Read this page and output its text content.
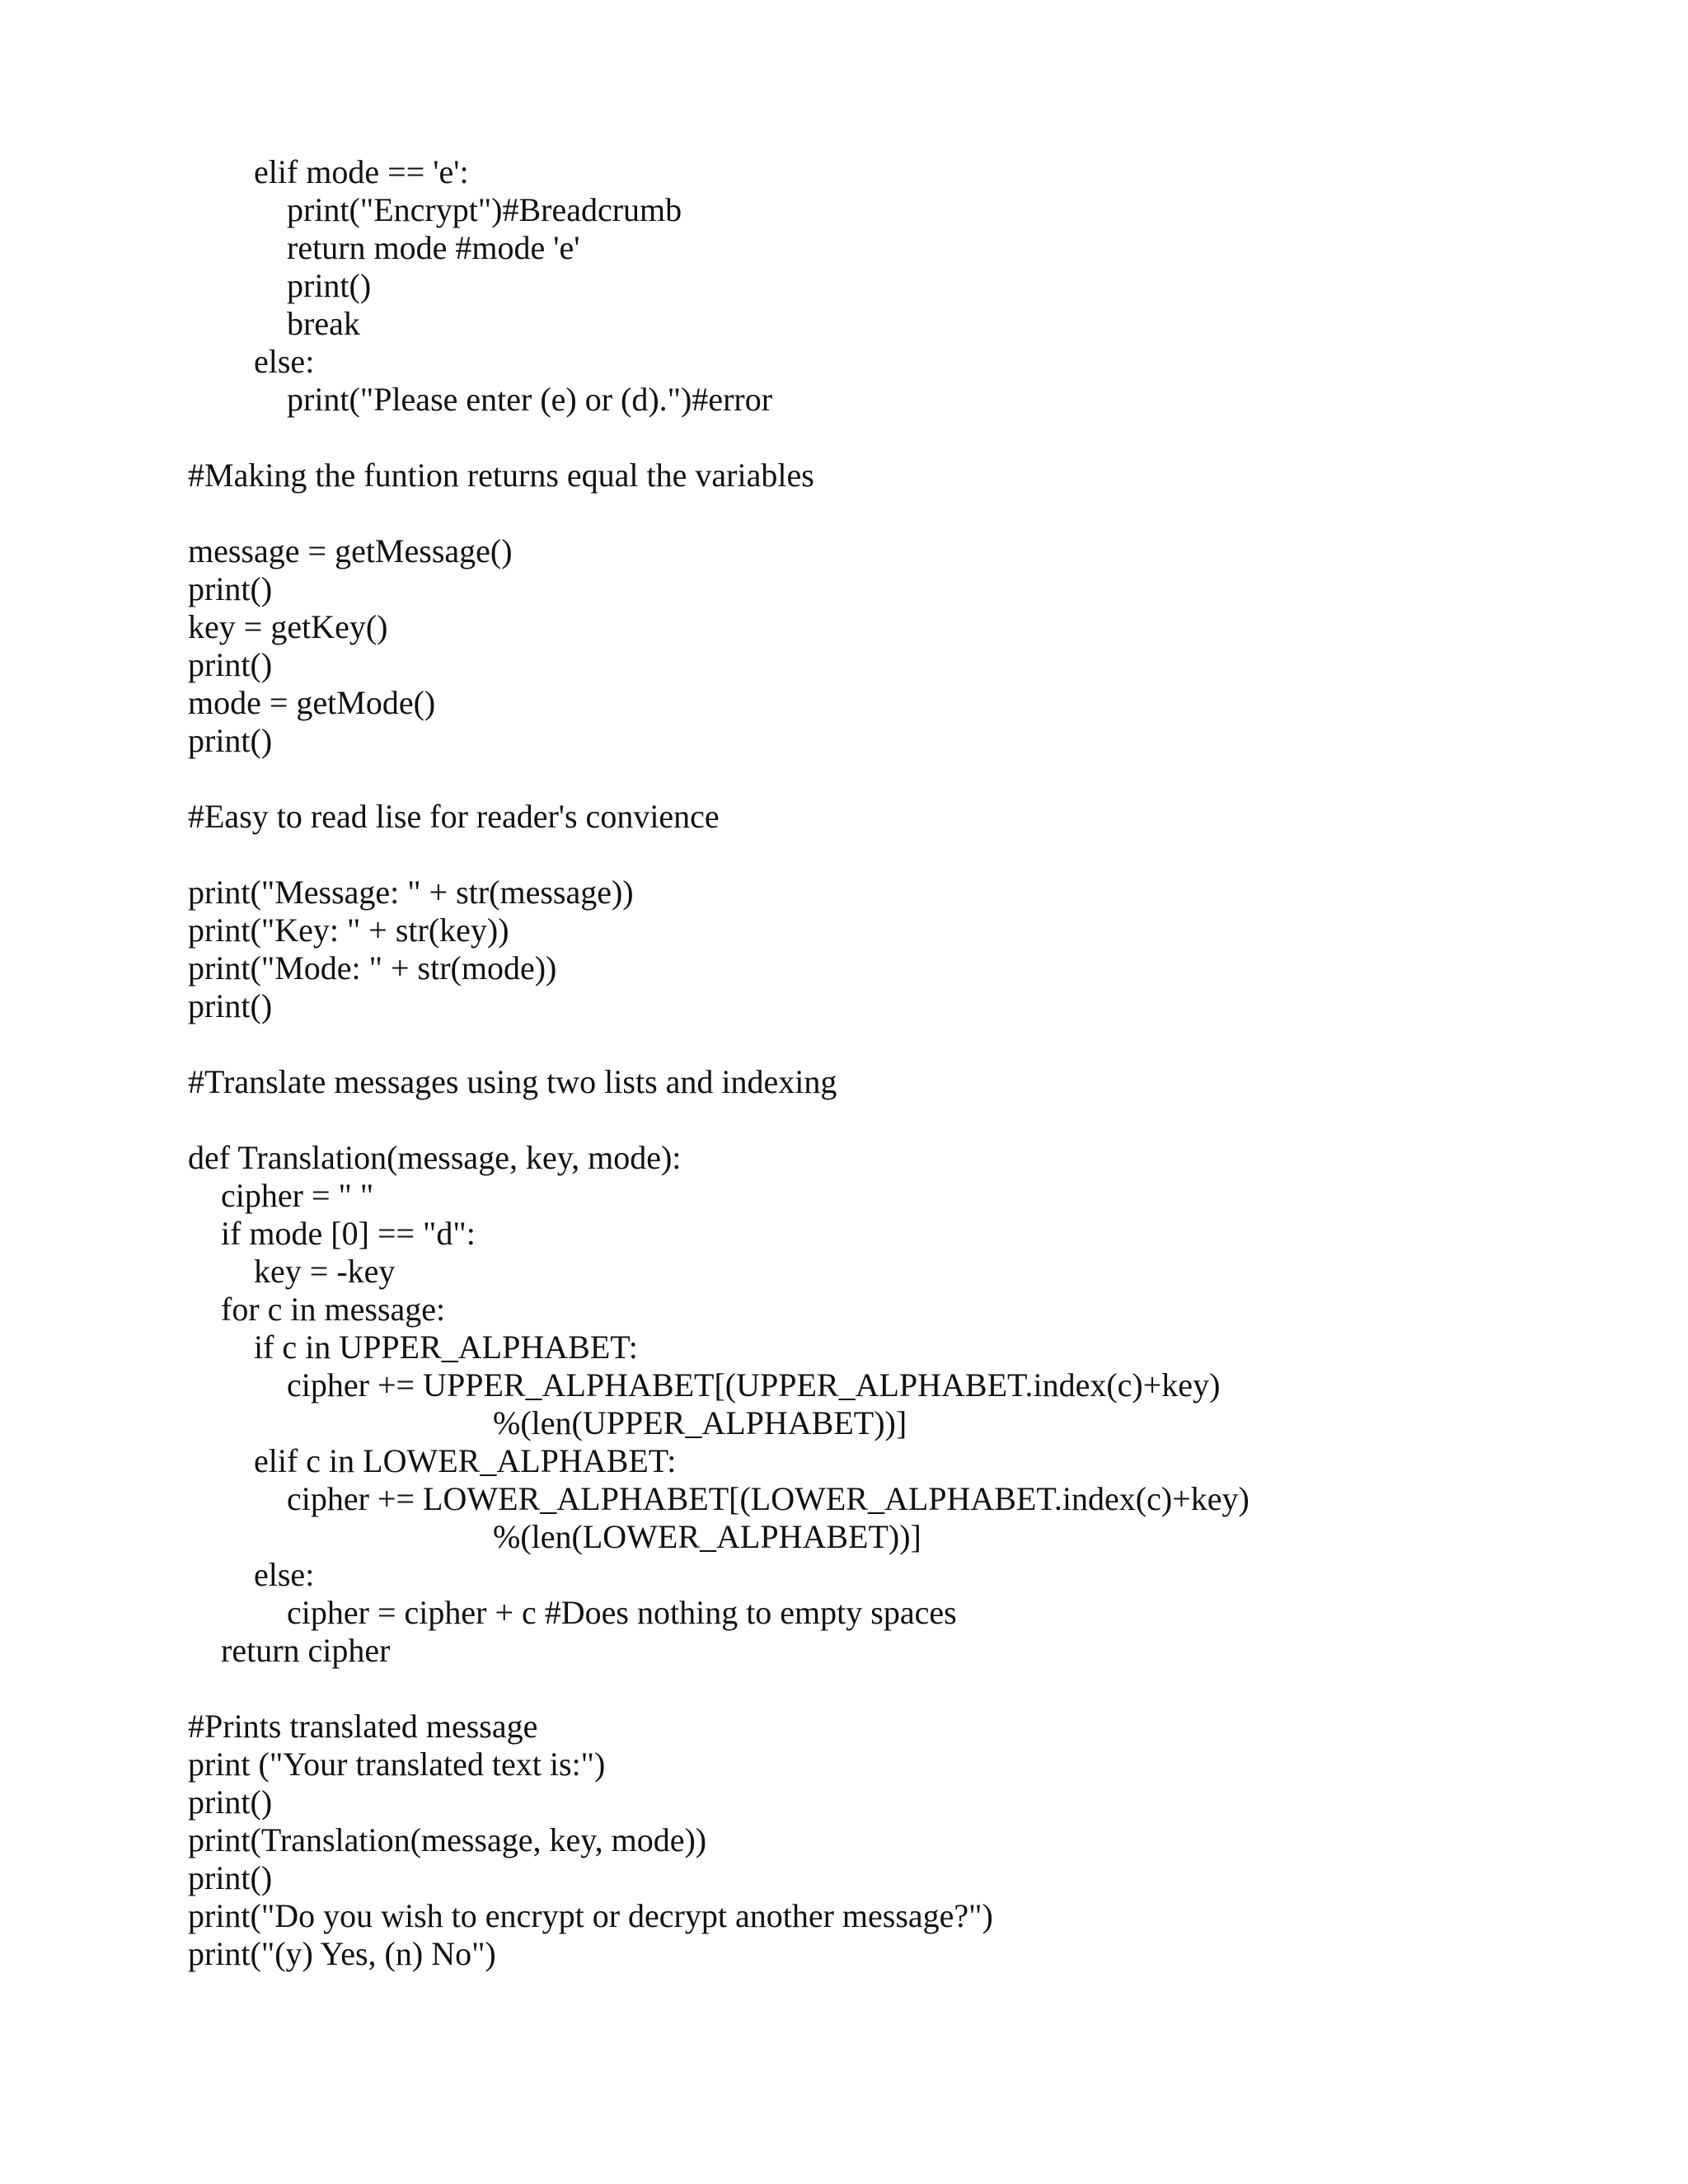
elif mode == 'e':
print("Encrypt")#Breadcrumb
return mode #mode 'e'
print()
break
else:
print("Please enter (e) or (d).")#error
#Making the funtion returns equal the variables
message = getMessage()
print()
key = getKey()
print()
mode = getMode()
print()
#Easy to read lise for reader's convience
print("Message: " + str(message))
print("Key: " + str(key))
print("Mode: " + str(mode))
print()
#Translate messages using two lists and indexing
def Translation(message, key, mode):
cipher = " "
if mode [0] == "d":
key = -key
for c in message:
if c in UPPER_ALPHABET:
cipher += UPPER_ALPHABET[(UPPER_ALPHABET.index(c)+key)
%(len(UPPER_ALPHABET))]
elif c in LOWER_ALPHABET:
cipher += LOWER_ALPHABET[(LOWER_ALPHABET.index(c)+key)
%(len(LOWER_ALPHABET))]
else:
cipher = cipher + c #Does nothing to empty spaces
return cipher
#Prints translated message
print ("Your translated text is:")
print()
print(Translation(message, key, mode))
print()
print("Do you wish to encrypt or decrypt another message?")
print("(y) Yes, (n) No")
